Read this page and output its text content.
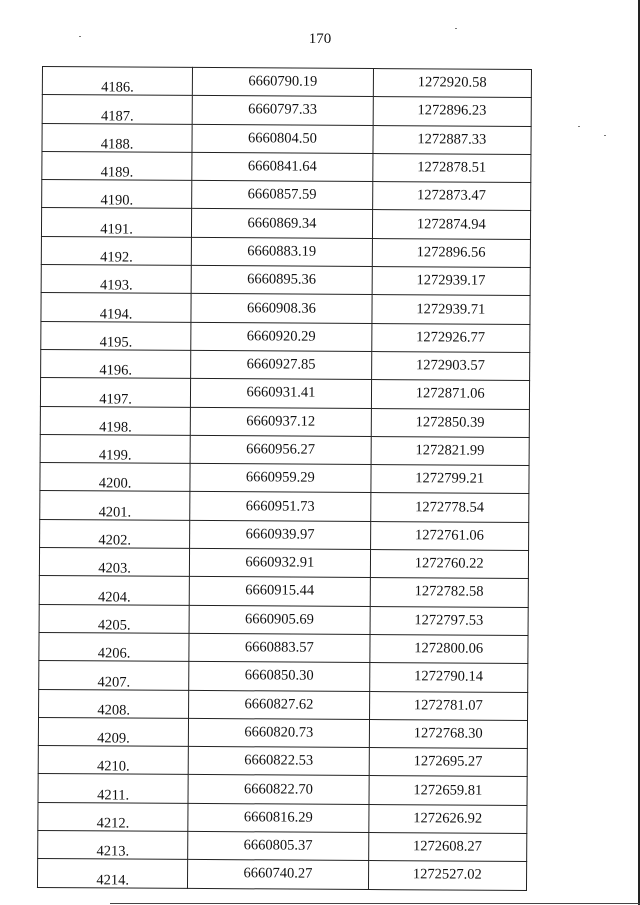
170
4186.	6660790.19	1272920.58
4187.	6660797.33	1272896.23
4188.	6660804.50	1272887.33
4189.	6660841.64	1272878.51
4190.	6660857.59	1272873.47
4191.	6660869.34	1272874.94
4192.	6660883.19	1272896.56
4193.	6660895.36	1272939.17
4194.	6660908.36	1272939.71
4195.	6660920.29	1272926.77
4196.	6660927.85	1272903.57
4197.	6660931.41	1272871.06
4198.	6660937.12	1272850.39
4199.	6660956.27	1272821.99
4200.	6660959.29	1272799.21
4201.	6660951.73	1272778.54
4202.	6660939.97	1272761.06
4203.	6660932.91	1272760.22
4204.	6660915.44	1272782.58
4205.	6660905.69	1272797.53
4206.	6660883.57	1272800.06
4207.	6660850.30	1272790.14
4208.	6660827.62	1272781.07
4209.	6660820.73	1272768.30
4210.	6660822.53	1272695.27
4211.	6660822.70	1272659.81
4212.	6660816.29	1272626.92
4213.	6660805.37	1272608.27
4214.	6660740.27	1272527.02
